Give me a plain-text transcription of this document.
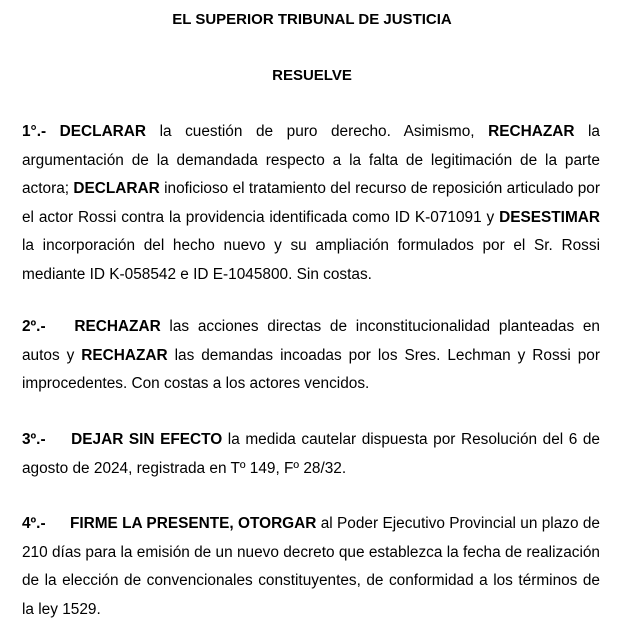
EL SUPERIOR TRIBUNAL DE JUSTICIA

RESUELVE

1°.- DECLARAR la cuestión de puro derecho. Asimismo, RECHAZAR la argumentación de la demandada respecto a la falta de legitimación de la parte actora; DECLARAR inoficioso el tratamiento del recurso de reposición articulado por el actor Rossi contra la providencia identificada como ID K-071091 y DESESTIMAR la incorporación del hecho nuevo y su ampliación formulados por el Sr. Rossi mediante ID K-058542 e ID E-1045800. Sin costas.

2º.- RECHAZAR las acciones directas de inconstitucionalidad planteadas en autos y RECHAZAR las demandas incoadas por los Sres. Lechman y Rossi por improcedentes. Con costas a los actores vencidos.

3º.- DEJAR SIN EFECTO la medida cautelar dispuesta por Resolución del 6 de agosto de 2024, registrada en Tº 149, Fº 28/32.

4º.- FIRME LA PRESENTE, OTORGAR al Poder Ejecutivo Provincial un plazo de 210 días para la emisión de un nuevo decreto que establezca la fecha de realización de la elección de convencionales constituyentes, de conformidad a los términos de la ley 1529.
